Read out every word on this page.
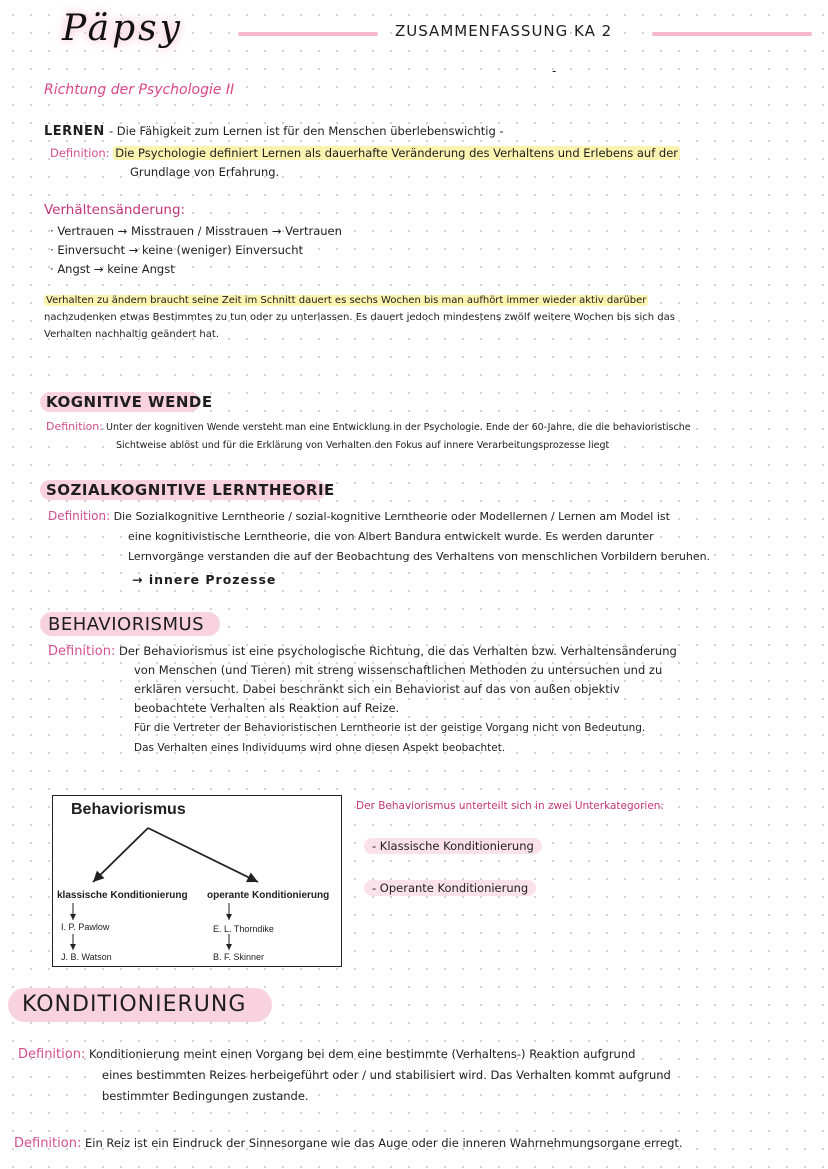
Päpsy	ZUSAMMENFASSUNG KA 2
-
Richtung der Psychologie II
LERNEN - Die Fähigkeit zum Lernen ist für den Menschen überlebenswichtig -
Definition: Die Psychologie definiert Lernen als dauerhafte Veränderung des Verhaltens und Erlebens auf der
Grundlage von Erfahrung.
Verhältensänderung:
· Vertrauen → Misstrauen / Misstrauen → Vertrauen
· Einversucht → keine (weniger) Einversucht
· Angst → keine Angst
Verhalten zu ändern braucht seine Zeit im Schnitt dauert es sechs Wochen bis man aufhört immer wieder aktiv darüber
nachzudenken etwas Bestimmtes zu tun oder zu unterlassen. Es dauert jedoch mindestens zwölf weitere Wochen bis sich das
Verhalten nachhaltig geändert hat.
KOGNITIVE WENDE
Definition: Unter der kognitiven Wende versteht man eine Entwicklung in der Psychologie. Ende der 60-Jahre, die die behavioristische
Sichtweise ablöst und für die Erklärung von Verhalten den Fokus auf innere Verarbeitungsprozesse liegt
SOZIALKOGNITIVE LERNTHEORIE
Definition: Die Sozialkognitive Lerntheorie / sozial-kognitive Lerntheorie oder Modellernen / Lernen am Model ist
eine kognitivistische Lerntheorie, die von Albert Bandura entwickelt wurde. Es werden darunter
Lernvorgänge verstanden die auf der Beobachtung des Verhaltens von menschlichen Vorbildern beruhen.
→ innere Prozesse
BEHAVIORISMUS
Definition: Der Behaviorismus ist eine psychologische Richtung, die das Verhalten bzw. Verhaltensänderung
von Menschen (und Tieren) mit streng wissenschaftlichen Methoden zu untersuchen und zu
erklären versucht. Dabei beschränkt sich ein Behaviorist auf das von außen objektiv
beobachtete Verhalten als Reaktion auf Reize.
Für die Vertreter der Behavioristischen Lerntheorie ist der geistige Vorgang nicht von Bedeutung.
Das Verhalten eines Individuums wird ohne diesen Aspekt beobachtet.
Behaviorismus
klassische Konditionierung operante Konditionierung
I. P. Pawlow
J. B. Watson
E. L. Thorndike
B. F. Skinner
Der Behaviorismus unterteilt sich in zwei Unterkategorien:
- Klassische Konditionierung
- Operante Konditionierung
KONDITIONIERUNG
Definition: Konditionierung meint einen Vorgang bei dem eine bestimmte (Verhaltens-) Reaktion aufgrund
eines bestimmten Reizes herbeigeführt oder / und stabilisiert wird. Das Verhalten kommt aufgrund
bestimmter Bedingungen zustande.
Definition: Ein Reiz ist ein Eindruck der Sinnesorgane wie das Auge oder die inneren Wahrnehmungsorgane erregt.
